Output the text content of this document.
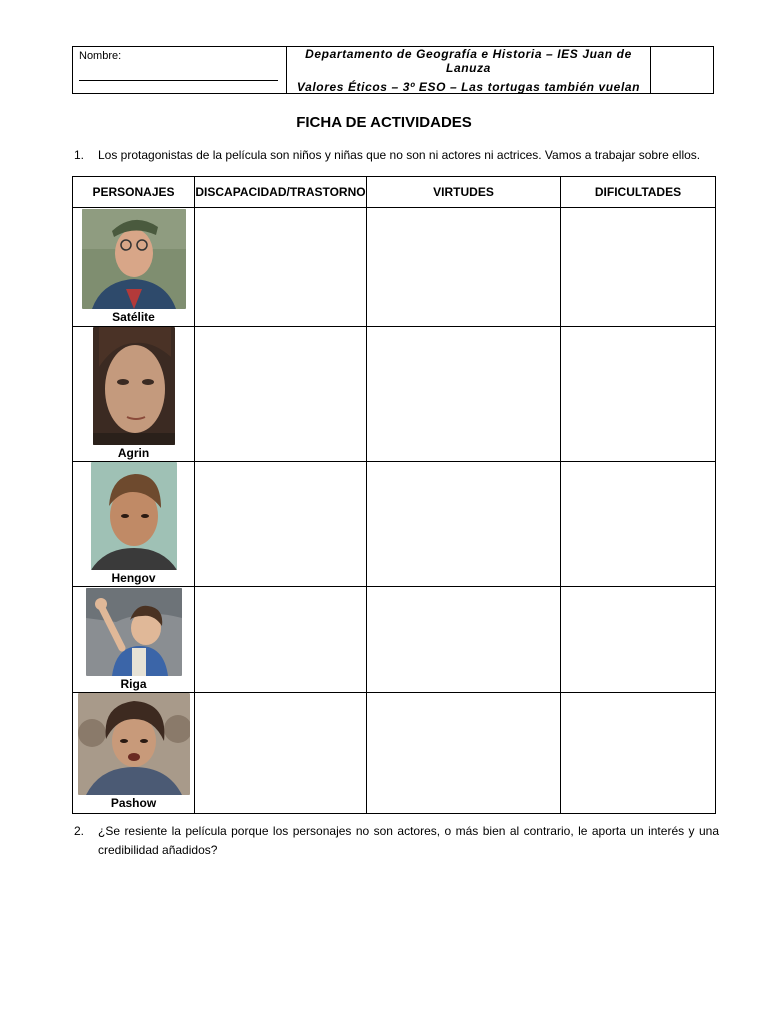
Nombre:	Departamento de Geografía e Historia – IES Juan de Lanuza
Valores Éticos – 3º ESO – Las tortugas también vuelan
FICHA DE ACTIVIDADES
1. Los protagonistas de la película son niños y niñas que no son ni actores ni actrices. Vamos a trabajar sobre ellos.
PERSONAJES	DISCAPACIDAD/TRASTORNO	VIRTUDES	DIFICULTADES

Satélite			

Agrin			

Hengov			

Riga			

Pashow			

2. ¿Se resiente la película porque los personajes no son actores, o más bien al contrario, le aporta un interés y una credibilidad añadidos?
